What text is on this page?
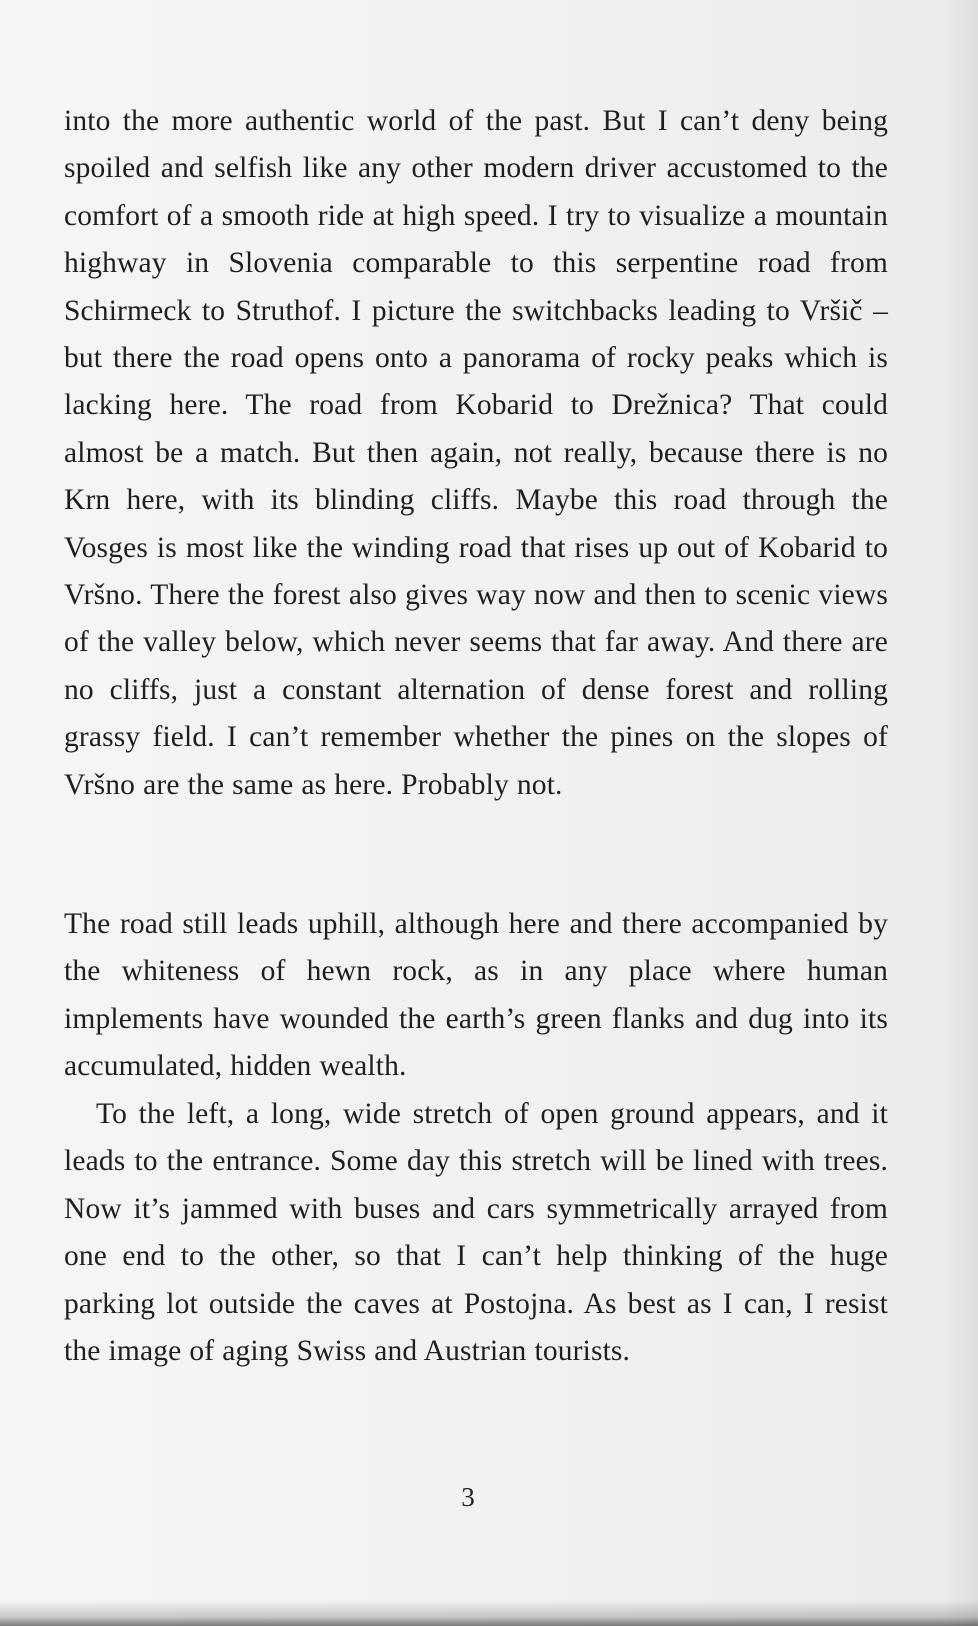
into the more authentic world of the past. But I can’t deny being spoiled and selfish like any other modern driver accustomed to the comfort of a smooth ride at high speed. I try to visualize a mountain highway in Slovenia comparable to this serpentine road from Schirmeck to Struthof. I picture the switchbacks leading to Vršič – but there the road opens onto a panorama of rocky peaks which is lacking here. The road from Kobarid to Drežnica? That could almost be a match. But then again, not really, because there is no Krn here, with its blinding cliffs. Maybe this road through the Vosges is most like the winding road that rises up out of Kobarid to Vršno. There the forest also gives way now and then to scenic views of the valley below, which never seems that far away. And there are no cliffs, just a constant alternation of dense forest and rolling grassy field. I can’t remember whether the pines on the slopes of Vršno are the same as here. Probably not.

The road still leads uphill, although here and there accompanied by the whiteness of hewn rock, as in any place where human implements have wounded the earth’s green flanks and dug into its accumulated, hidden wealth.

To the left, a long, wide stretch of open ground appears, and it leads to the entrance. Some day this stretch will be lined with trees. Now it’s jammed with buses and cars symmetrically arrayed from one end to the other, so that I can’t help thinking of the huge parking lot outside the caves at Postojna. As best as I can, I resist the image of aging Swiss and Austrian tourists.

3
